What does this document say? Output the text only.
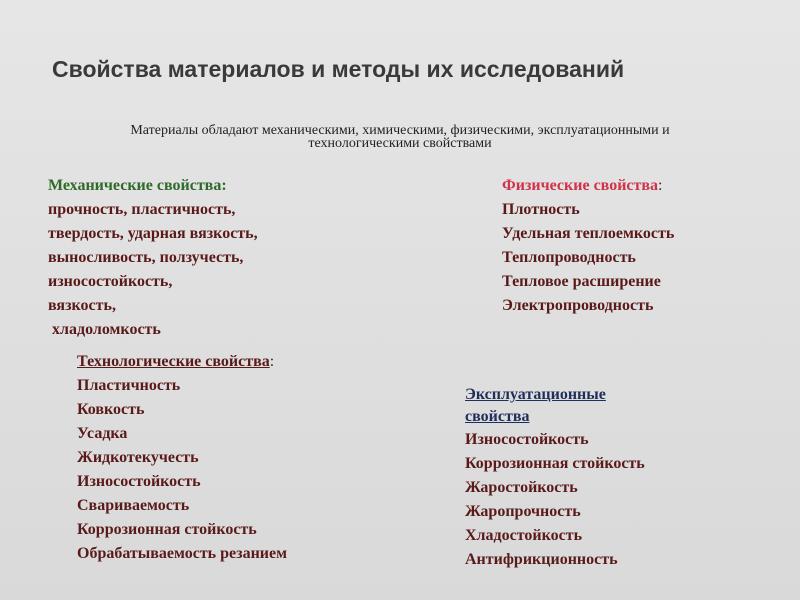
Свойства материалов и методы их исследований
Материалы обладают механическими, химическими, физическими, эксплуатационными и
технологическими свойствами
Механические свойства:
прочность, пластичность,
твердость, ударная вязкость,
выносливость, ползучесть,
износостойкость,
вязкость,
хладоломкость
Физические свойства:
Плотность
Удельная теплоемкость
Теплопроводность
Тепловое расширение
Электропроводность
Технологические свойства:
Пластичность
Ковкость
Усадка
Жидкотекучесть
Износостойкость
Свариваемость
Коррозионная стойкость
Обрабатываемость резанием
Эксплуатационные свойства
Износостойкость
Коррозионная стойкость
Жаростойкость
Жаропрочность
Хладостойкость
Антифрикционность
